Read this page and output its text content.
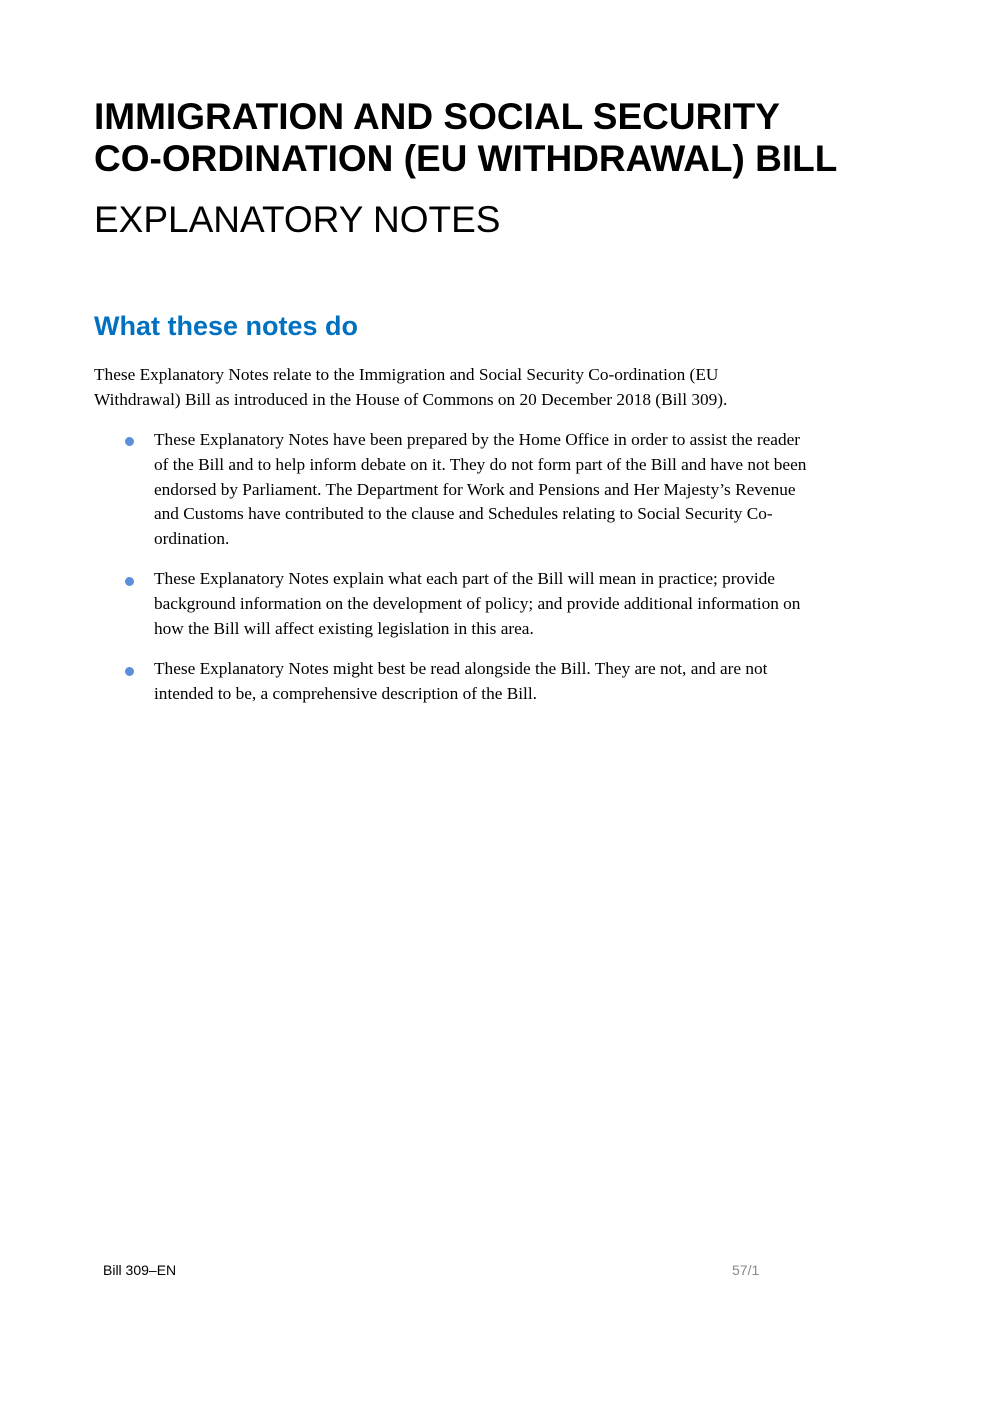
IMMIGRATION AND SOCIAL SECURITY
CO-ORDINATION (EU WITHDRAWAL) BILL
EXPLANATORY NOTES
What these notes do
These Explanatory Notes relate to the Immigration and Social Security Co-ordination (EU
Withdrawal) Bill as introduced in the House of Commons on 20 December 2018 (Bill 309).
These Explanatory Notes have been prepared by the Home Office in order to assist the reader
of the Bill and to help inform debate on it. They do not form part of the Bill and have not been
endorsed by Parliament. The Department for Work and Pensions and Her Majesty’s Revenue
and Customs have contributed to the clause and Schedules relating to Social Security Co-
ordination.
These Explanatory Notes explain what each part of the Bill will mean in practice; provide
background information on the development of policy; and provide additional information on
how the Bill will affect existing legislation in this area.
These Explanatory Notes might best be read alongside the Bill. They are not, and are not
intended to be, a comprehensive description of the Bill.
Bill 309–EN	57/1
